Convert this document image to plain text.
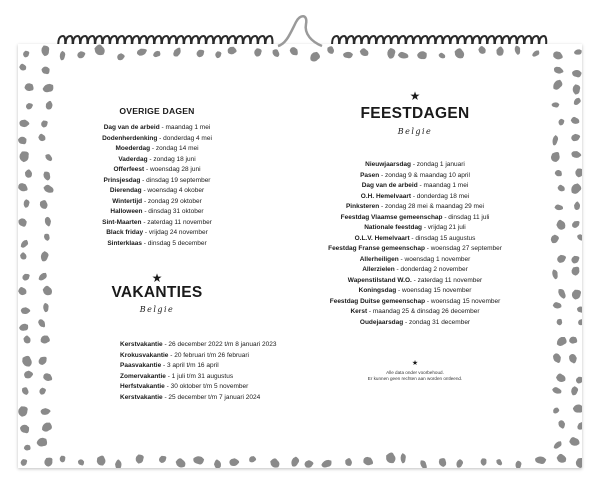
OVERIGE DAGEN
Dag van de arbeid - maandag 1 mei
Dodenherdenking - donderdag 4 mei
Moederdag - zondag 14 mei
Vaderdag - zondag 18 juni
Offerfeest - woensdag 28 juni
Prinsjesdag - dinsdag 19 september
Dierendag - woensdag 4 okober
Wintertijd - zondag 29 oktober
Halloween - dinsdag 31 oktober
Sint-Maarten - zaterdag 11 november
Black friday - vrijdag 24 november
Sinterklaas - dinsdag 5 december
★
VAKANTIES
Belgie
Kerstvakantie - 26 december 2022 t/m 8 januari 2023
Krokusvakantie - 20 februari t/m 26 februari
Paasvakantie - 3 april t/m 16 april
Zomervakantie - 1 juli t/m 31 augustus
Herfstvakantie - 30 oktober t/m 5 november
Kerstvakantie - 25 december t/m 7 januari 2024
★
FEESTDAGEN
Belgie
Nieuwjaarsdag - zondag 1 januari
Pasen - zondag 9 & maandag 10 april
Dag van de arbeid - maandag 1 mei
O.H. Hemelvaart - donderdag 18 mei
Pinksteren - zondag 28 mei & maandag 29 mei
Feestdag Vlaamse gemeenschap - dinsdag 11 juli
Nationale feestdag - vrijdag 21 juli
O.L.V. Hemelvaart - dinsdag 15 augustus
Feestdag Franse gemeenschap - woensdag 27 september
Allerheiligen - woensdag 1 november
Allerzielen - donderdag 2 november
Wapenstilstand W.O. - zaterdag 11 november
Koningsdag - woensdag 15 november
Feestdag Duitse gemeenschap - woensdag 15 november
Kerst - maandag 25 & dinsdag 26 december
Oudejaarsdag - zondag 31 december
★
Alle data onder voorbehoud.
Er kunnen geen rechten aan worden ontleend.
